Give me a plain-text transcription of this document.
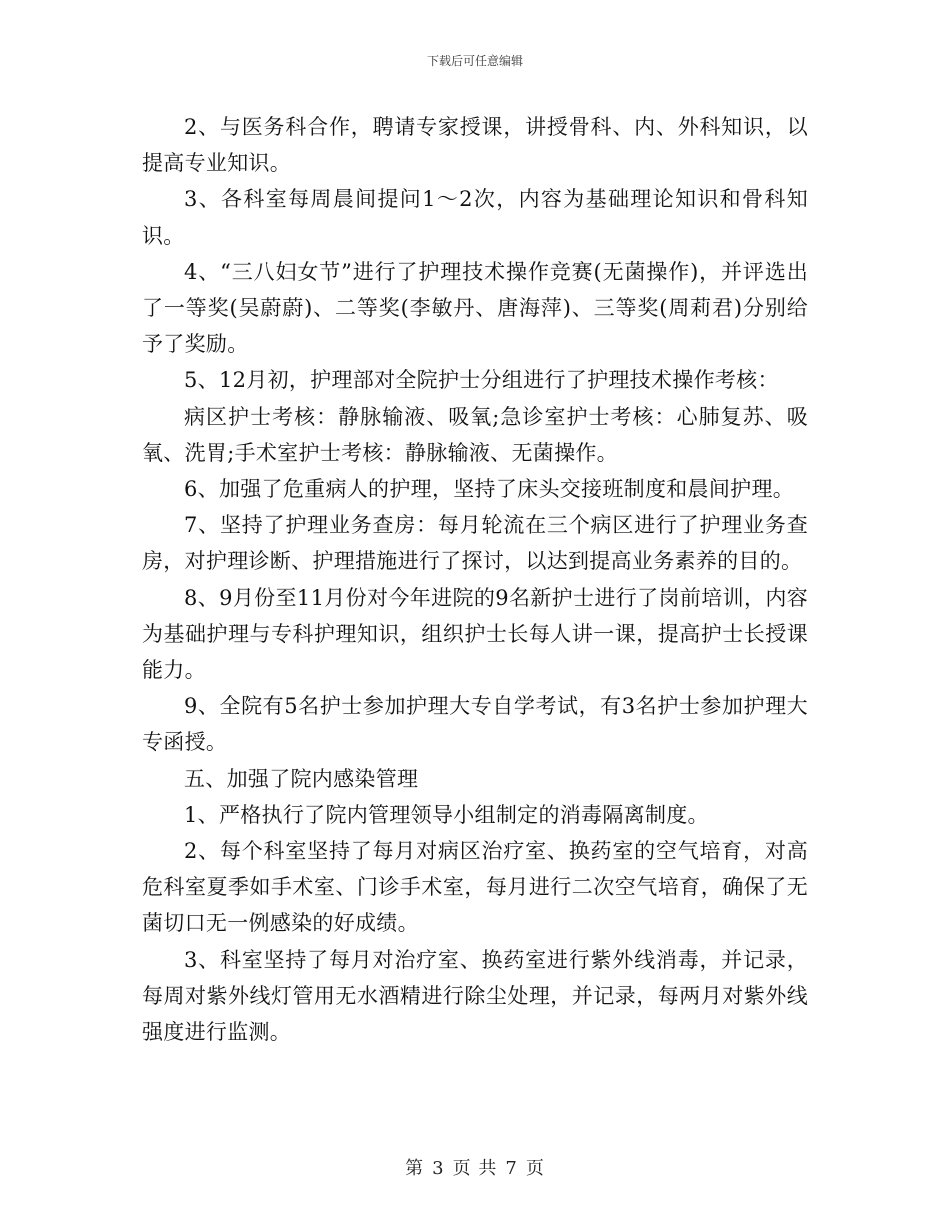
下载后可任意编辑

2、与医务科合作，聘请专家授课，讲授骨科、内、外科知识，以提高专业知识。

3、各科室每周晨间提问1～2次，内容为基础理论知识和骨科知识。

4、“三八妇女节”进行了护理技术操作竞赛(无菌操作)，并评选出了一等奖(吴蔚蔚)、二等奖(李敏丹、唐海萍)、三等奖(周莉君)分别给予了奖励。

5、12月初，护理部对全院护士分组进行了护理技术操作考核：

病区护士考核：静脉输液、吸氧;急诊室护士考核：心肺复苏、吸氧、洗胃;手术室护士考核：静脉输液、无菌操作。

6、加强了危重病人的护理，坚持了床头交接班制度和晨间护理。

7、坚持了护理业务查房：每月轮流在三个病区进行了护理业务查房，对护理诊断、护理措施进行了探讨，以达到提高业务素养的目的。

8、9月份至11月份对今年进院的9名新护士进行了岗前培训，内容为基础护理与专科护理知识，组织护士长每人讲一课，提高护士长授课能力。

9、全院有5名护士参加护理大专自学考试，有3名护士参加护理大专函授。

五、加强了院内感染管理

1、严格执行了院内管理领导小组制定的消毒隔离制度。

2、每个科室坚持了每月对病区治疗室、换药室的空气培育，对高危科室夏季如手术室、门诊手术室，每月进行二次空气培育，确保了无菌切口无一例感染的好成绩。

3、科室坚持了每月对治疗室、换药室进行紫外线消毒，并记录，每周对紫外线灯管用无水酒精进行除尘处理，并记录，每两月对紫外线强度进行监测。

第 3 页 共 7 页
